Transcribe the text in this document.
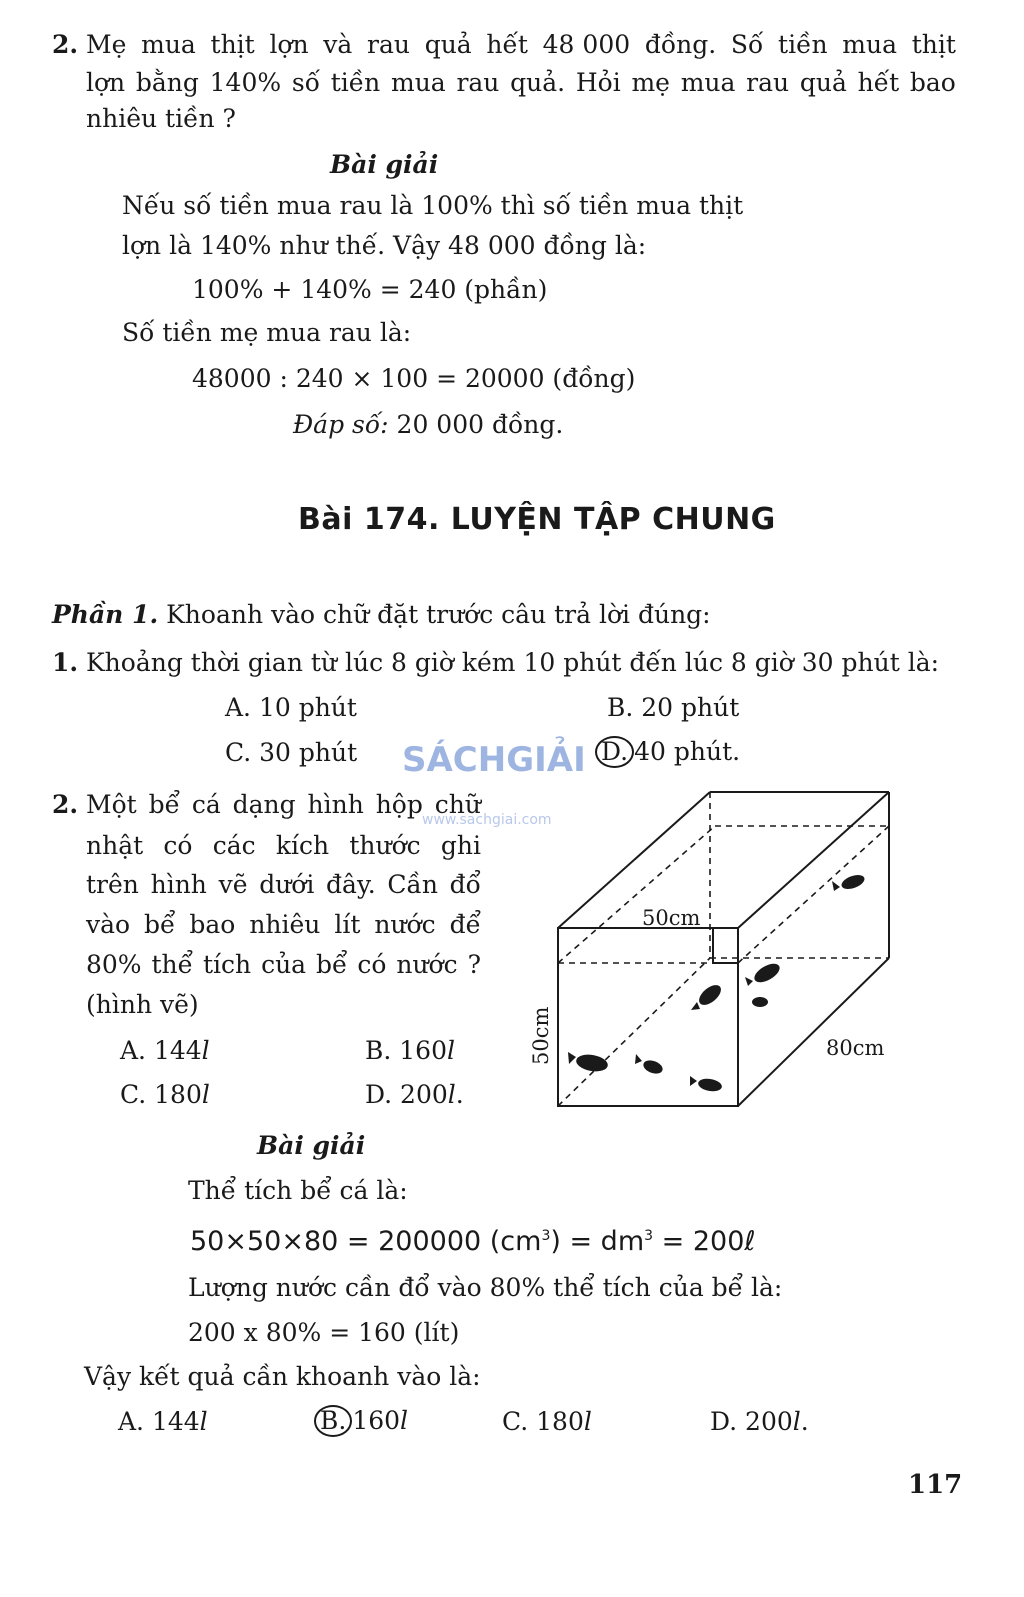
2. Mẹ mua thịt lợn và rau quả hết 48 000 đồng. Số tiền mua thịt
lợn bằng 140% số tiền mua rau quả. Hỏi mẹ mua rau quả hết bao
nhiêu tiền ?
Bài giải
Nếu số tiền mua rau là 100% thì số tiền mua thịt
lợn là 140% như thế. Vậy 48 000 đồng là:
100% + 140% = 240 (phần)
Số tiền mẹ mua rau là:
48000 : 240 × 100 = 20000 (đồng)
Đáp số: 20 000 đồng.
Bài 174. LUYỆN TẬP CHUNG
Phần 1. Khoanh vào chữ đặt trước câu trả lời đúng:
1. Khoảng thời gian từ lúc 8 giờ kém 10 phút đến lúc 8 giờ 30 phút là:
A. 10 phút	B. 20 phút
C. 30 phút	D. 40 phút.
SÁCHGIẢI
www.sachgiai.com
2. Một bể cá dạng hình hộp chữ
nhật có các kích thước ghi
trên hình vẽ dưới đây. Cần đổ
vào bể bao nhiêu lít nước để
80% thể tích của bể có nước ?
(hình vẽ)
A. 144l	B. 160l
C. 180l	D. 200l.
50cm
50cm	80cm
Bài giải
Thể tích bể cá là:
50×50×80 = 200000 $(cm^3) = dm^3$ = 200ℓ
Lượng nước cần đổ vào 80% thể tích của bể là:
200 x 80% = 160 (lít)
Vậy kết quả cần khoanh vào là:
A. 144l	B. 160l	C. 180l	D. 200l.
117
